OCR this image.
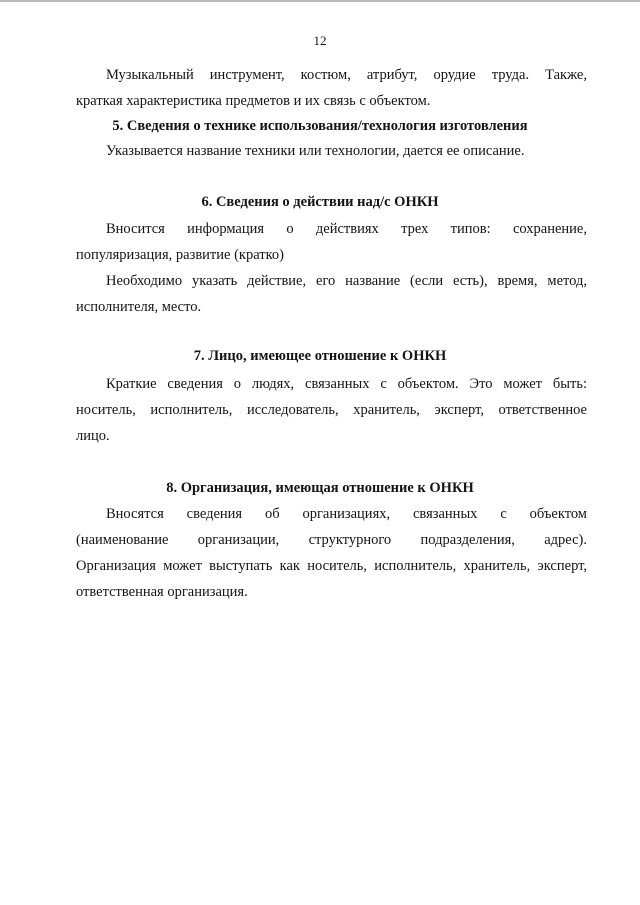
12
Музыкальный инструмент, костюм, атрибут, орудие труда. Также,
краткая характеристика предметов и их связь с объектом.
5. Сведения о технике использования/технология изготовления
Указывается название техники или технологии, дается ее описание.
6. Сведения о действии над/с ОНКН
Вносится информация о действиях трех типов: сохранение,
популяризация, развитие (кратко)
Необходимо указать действие, его название (если есть), время, метод,
исполнителя, место.
7. Лицо, имеющее отношение к ОНКН
Краткие сведения о людях, связанных с объектом. Это может быть:
носитель, исполнитель, исследователь, хранитель, эксперт, ответственное
лицо.
8. Организация, имеющая отношение к ОНКН
Вносятся сведения об организациях, связанных с объектом
(наименование организации, структурного подразделения, адрес).
Организация может выступать как носитель, исполнитель, хранитель, эксперт,
ответственная организация.
